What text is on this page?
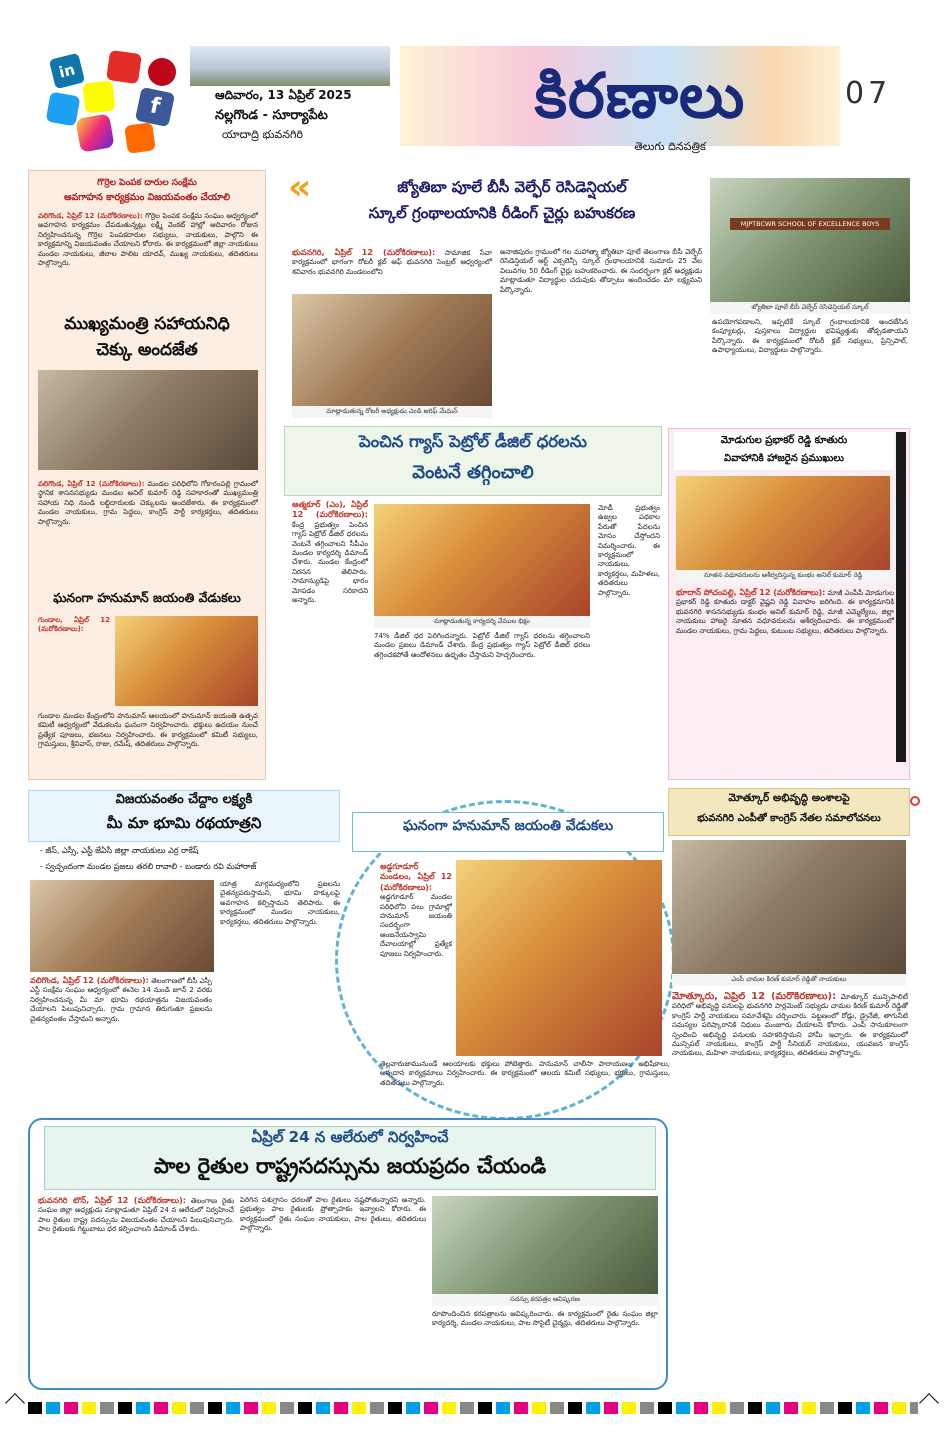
f
in
ఆదివారం, 13 ఏప్రిల్ 2025
నల్లగొండ - సూర్యాపేట
యాదాద్రి భువనగిరి
కిరణాలు
తెలుగు దినపత్రిక
07
గొర్రెల పెంపక దారుల సంక్షేమ
అవగాహన కార్యక్రమం విజయవంతం చేయాలి
వలిగొండ, ఏప్రిల్ 12 (మరోకిరణాలు): గొర్రెల పెంపక సంక్షేమ సంఘం ఆధ్వర్యంలో అవగాహన కార్యక్రమం చేపడుతున్నట్లు లక్ష్మీ వెంకట్ హాల్లో ఆదివారం రోజున నిర్వహించనున్న గొర్రెల పెంపకదారుల సభ్యులు, నాయకులు, పాల్గొని ఈ కార్యక్రమాన్ని విజయవంతం చేయాలని కోరారు. ఈ కార్యక్రమంలో జిల్లా నాయకులు మండల నాయకులు, జీలాల పాలిట యాదవ్, ముఖ్య నాయకులు, తదితరులు పాల్గొన్నారు.
ముఖ్యమంత్రి సహాయనిధి
చెక్కు అందజేత
వలిగొండ, ఏప్రిల్ 12 (మరోకిరణాలు): మండల పరిధిలోని గోకారంపల్లి గ్రామంలో స్థానిక శాసనసభ్యుడు మండల అనిల్ కుమార్ రెడ్డి సహకారంతో ముఖ్యమంత్రి సహాయ నిధి నుండి లబ్ధిదారులకు చెక్కులను అందజేశారు. ఈ కార్యక్రమంలో మండల నాయకులు, గ్రామ పెద్దలు, కాంగ్రెస్ పార్టీ కార్యకర్తలు, తదితరులు పాల్గొన్నారు.
ఘనంగా హనుమాన్ జయంతి వేడుకలు
గుండాల, ఏప్రిల్ 12 (మరోకిరణాలు):
గుండాల మండల కేంద్రంలోని హనుమాన్ ఆలయంలో హనుమాన్ జయంతి ఉత్సవ కమిటీ ఆధ్వర్యంలో వేడుకలను ఘనంగా నిర్వహించారు. భక్తులు ఉదయం నుంచే ప్రత్యేక పూజలు, భజనలు నిర్వహించారు. ఈ కార్యక్రమంలో కమిటీ సభ్యులు, గ్రామస్తులు, శ్రీనివాస్, రాజు, రమేష్, తదితరులు పాల్గొన్నారు.
«	జ్యోతిబా పూలే బీసీ వెల్ఫేర్ రెసిడెన్షియల్
స్కూల్ గ్రంథాలయానికి రీడింగ్ చైర్లు బహుకరణ
భువనగిరి, ఏప్రిల్ 12 (మరోకిరణాలు): సామాజిక సేవా కార్యక్రమంలో భాగంగా రోటరీ క్లబ్ ఆఫ్ భువనగిరి సెంట్రల్ ఆధ్వర్యంలో శనివారం భువనగిరి మండలంలోని
మాట్లాడుతున్న రోటరీ అధ్యక్షుడు ఎండి అరిఫ్ మేమన్
అనాజిపురం గ్రామంలో గల మహాత్మా జ్యోతిబా పూలే తెలంగాణ బీసీ వెల్ఫేర్ రెసిడెన్షియల్ ఆర్ట్ ఎక్సలెన్సీ స్కూల్ గ్రంథాలయానికి సుమారు 25 వేల విలువగల 50 రీడింగ్ చైర్లు బహుకరించారు. ఈ సందర్భంగా క్లబ్ అధ్యక్షుడు మాట్లాడుతూ విద్యార్థుల చదువుకు తోడ్పాటు అందించడం మా లక్ష్యమని పేర్కొన్నారు.
MJPTBCWR SCHOOL OF EXCELLENCE BOYS
జ్యోతిబా పూలే బీసీ వెల్ఫేర్ రెసిడెన్షియల్ స్కూల్
ఉపయోగపడాలని, ఇప్పటికే స్కూల్ గ్రంథాలయానికి అందజేసిన కంప్యూటర్లు, పుస్తకాలు విద్యార్థుల భవిష్యత్తుకు తోడ్పడతాయని పేర్కొన్నారు. ఈ కార్యక్రమంలో రోటరీ క్లబ్ సభ్యులు, ప్రిన్సిపాల్, ఉపాధ్యాయులు, విద్యార్థులు పాల్గొన్నారు.
పెంచిన గ్యాస్ పెట్రోల్ డీజిల్ ధరలను
వెంటనే తగ్గించాలి
ఆత్మకూర్ (ఎం), ఏప్రిల్ 12 (మరోకిరణాలు): కేంద్ర ప్రభుత్వం పెంచిన గ్యాస్ పెట్రోల్ డీజిల్ ధరలను వెంటనే తగ్గించాలని సీపీఎం మండల కార్యదర్శి డిమాండ్ చేశారు. మండల కేంద్రంలో నిరసన తెలిపారు. సామాన్యుడిపై భారం మోపడం సరికాదని అన్నారు.
మాట్లాడుతున్న కార్యదర్శి వేముల భిక్షం
74% డీజిల్ ధర పెరిగిందన్నారు. పెట్రోల్ డీజిల్ గ్యాస్ ధరలను తగ్గించాలని మండల ప్రజలు డిమాండ్ చేశారు. కేంద్ర ప్రభుత్వం గ్యాస్ పెట్రోల్ డీజిల్ ధరలు తగ్గించకపోతే ఆందోళనలు ఉధృతం చేస్తామని హెచ్చరించారు.
మోడీ ప్రభుత్వం ఉజ్వల పథకాల పేరుతో పేదలను మోసం చేస్తోందని విమర్శించారు. ఈ కార్యక్రమంలో నాయకులు, కార్యకర్తలు, మహిళలు, తదితరులు పాల్గొన్నారు.
మోడుగుల ప్రభాకర్ రెడ్డి కూతురు
వివాహానికి హాజరైన ప్రముఖులు
నూతన వధూవరులను ఆశీర్వదిస్తున్న కుంభం అనిల్ కుమార్ రెడ్డి
భూదాన్ పోచంపల్లి, ఏప్రిల్ 12 (మరోకిరణాలు): మాజీ ఎంపీపీ మోడుగుల ప్రభాకర్ రెడ్డి కూతురు డాక్టర్ వైష్ణవి రెడ్డి వివాహం జరిగింది. ఈ కార్యక్రమానికి భువనగిరి శాసనసభ్యుడు కుంభం అనిల్ కుమార్ రెడ్డి, మాజీ ఎమ్మెల్యేలు, జిల్లా నాయకులు హాజరై నూతన వధూవరులను ఆశీర్వదించారు. ఈ కార్యక్రమంలో మండల నాయకులు, గ్రామ పెద్దలు, కుటుంబ సభ్యులు, తదితరులు పాల్గొన్నారు.
విజయవంతం చేద్దాం లక్ష్యకి
మీ మా భూమి రథయాత్రని
- జీస్, ఎస్సీ, ఎస్టీ జేఏసీ జిల్లా నాయకులు ఎర్ర రాకేష్
- స్వచ్ఛందంగా మండల ప్రజలు తరలి రావాలి - బండారు రవి మహారాజ్
వలిగొండ, ఏప్రిల్ 12 (మరోకిరణాలు): తెలంగాణలో బీసీ ఎస్సీ ఎస్టీ సంక్షేమ సంఘం ఆధ్వర్యంలో ఈనెల 14 నుండి జూన్ 2 వరకు నిర్వహించనున్న మీ మా భూమి రథయాత్రను విజయవంతం చేయాలని పిలుపునిచ్చారు. గ్రామ గ్రామాన తిరుగుతూ ప్రజలను చైతన్యవంతం చేస్తామని అన్నారు.
యాత్ర మార్గమధ్యంలోని ప్రజలను చైతన్యపరుస్తామని, భూమి హక్కులపై అవగాహన కల్పిస్తామని తెలిపారు. ఈ కార్యక్రమంలో మండల నాయకులు, కార్యకర్తలు, తదితరులు పాల్గొన్నారు.
ఘనంగా హనుమాన్ జయంతి వేడుకలు
అడ్డగూడూర్ మండలం, ఏప్రిల్ 12 (మరోకిరణాలు): అడ్డగూడూర్ మండల పరిధిలోని పలు గ్రామాల్లో హనుమాన్ జయంతి సందర్భంగా ఆంజనేయస్వామి దేవాలయాల్లో ప్రత్యేక పూజలు నిర్వహించారు.
తెల్లవారుజామునుండే ఆలయాలకు భక్తులు పోటెత్తారు. హనుమాన్ చాలీసా పారాయణం, అభిషేకాలు, అన్నదాన కార్యక్రమాలు నిర్వహించారు. ఈ కార్యక్రమంలో ఆలయ కమిటీ సభ్యులు, భక్తులు, గ్రామస్తులు, తదితరులు పాల్గొన్నారు.
మోత్కూర్ అభివృద్ధి అంశాలపై
భువనగిరి ఎంపీతో కాంగ్రెస్ నేతల సమాలోచనలు
ఎంపీ చామల కిరణ్ కుమార్ రెడ్డితో నాయకులు
మోత్కూరు, ఏప్రిల్ 12 (మరోకిరణాలు): మోత్కూర్ మున్సిపాలిటీ పరిధిలో అభివృద్ధి పనులపై భువనగిరి పార్లమెంట్ సభ్యుడు చామల కిరణ్ కుమార్ రెడ్డితో కాంగ్రెస్ పార్టీ నాయకులు సమావేశమై చర్చించారు. పట్టణంలో రోడ్లు, డ్రైనేజీ, తాగునీటి సమస్యల పరిష్కారానికి నిధులు మంజూరు చేయాలని కోరారు. ఎంపీ సానుకూలంగా స్పందించి అభివృద్ధి పనులకు సహకరిస్తామని హామీ ఇచ్చారు. ఈ కార్యక్రమంలో మున్సిపల్ నాయకులు, కాంగ్రెస్ పార్టీ సీనియర్ నాయకులు, యువజన కాంగ్రెస్ నాయకులు, మహిళా నాయకులు, కార్యకర్తలు, తదితరులు పాల్గొన్నారు.
ఏప్రిల్ 24 న ఆలేరులో నిర్వహించే
పాల రైతుల రాష్ట్రసదస్సును జయప్రదం చేయండి
భువనగిరి టౌన్, ఏప్రిల్ 12 (మరోకిరణాలు): తెలంగాణ రైతు సంఘం జిల్లా అధ్యక్షుడు మాట్లాడుతూ ఏప్రిల్ 24 న ఆలేరులో నిర్వహించే పాల రైతుల రాష్ట్ర సదస్సును విజయవంతం చేయాలని పిలుపునిచ్చారు. పాల రైతులకు గిట్టుబాటు ధర కల్పించాలని డిమాండ్ చేశారు.
పెరిగిన పశుగ్రాసం ధరలతో పాల రైతులు నష్టపోతున్నారని అన్నారు. ప్రభుత్వం పాల రైతులకు ప్రోత్సాహకం ఇవ్వాలని కోరారు. ఈ కార్యక్రమంలో రైతు సంఘం నాయకులు, పాల రైతులు, తదితరులు పాల్గొన్నారు.
సదస్సు కరపత్రం ఆవిష్కరణ
రూపొందించిన కరపత్రాలను ఆవిష్కరించారు. ఈ కార్యక్రమంలో రైతు సంఘం జిల్లా కార్యదర్శి, మండల నాయకులు, పాల సొసైటీ చైర్మన్లు, తదితరులు పాల్గొన్నారు.
